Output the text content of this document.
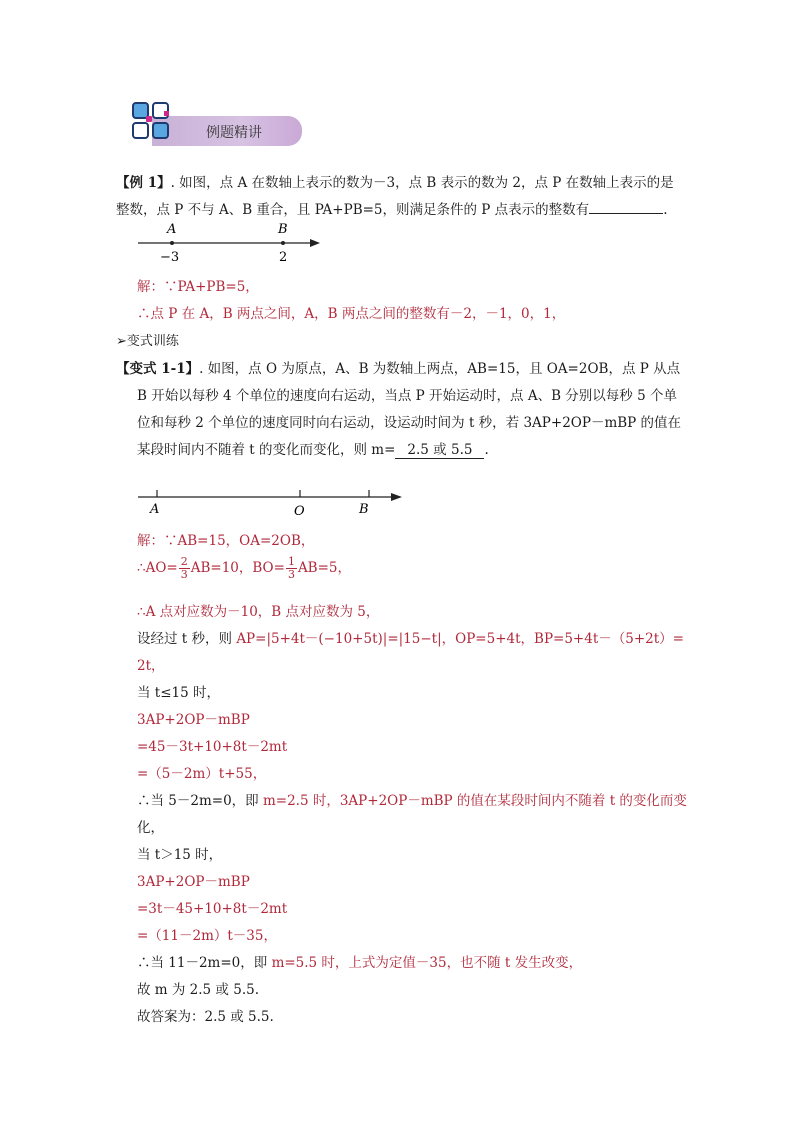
例题精讲
【例 1】. 如图，点 A 在数轴上表示的数为－3，点 B 表示的数为 2，点 P 在数轴上表示的是
整数，点 P 不与 A、B 重合，且 PA+PB=5，则满足条件的 P 点表示的整数有	.
A	B
−3	2
解：∵PA+PB=5，
∴点 P 在 A，B 两点之间，A，B 两点之间的整数有－2，－1，0，1，
➢变式训练
【变式 1-1】. 如图，点 O 为原点，A、B 为数轴上两点，AB=15，且 OA=2OB，点 P 从点
B 开始以每秒 4 个单位的速度向右运动，当点 P 开始运动时，点 A、B 分别以每秒 5 个单
位和每秒 2 个单位的速度同时向右运动，设运动时间为 t 秒，若 3AP+2OP－mBP 的值在
某段时间内不随着 t 的变化而变化，则 m= 2.5 或 5.5 .
A	O	B
解：∵AB=15，OA=2OB，
∴AO= $\frac{2}{3} AB=10$，$BO= \frac{1}{3} AB=5$，
∴A 点对应数为－10，B 点对应数为 5，
设经过 t 秒，则 AP=|5+4t－(−10+5t)|=|15−t|，OP=5+4t，BP=5+4t－（5+2t）=
2t，
当 t≤15 时，
3AP+2OP－mBP
=45－3t+10+8t－2mt
=（5－2m）t+55，
∴当 5－2m=0，即 m=2.5 时，3AP+2OP－mBP 的值在某段时间内不随着 t 的变化而变
化，
当 t＞15 时，
3AP+2OP－mBP
=3t－45+10+8t－2mt
=（11－2m）t－35，
∴当 11－2m=0，即 m=5.5 时，上式为定值－35，也不随 t 发生改变，
故 m 为 2.5 或 5.5.
故答案为：2.5 或 5.5.
